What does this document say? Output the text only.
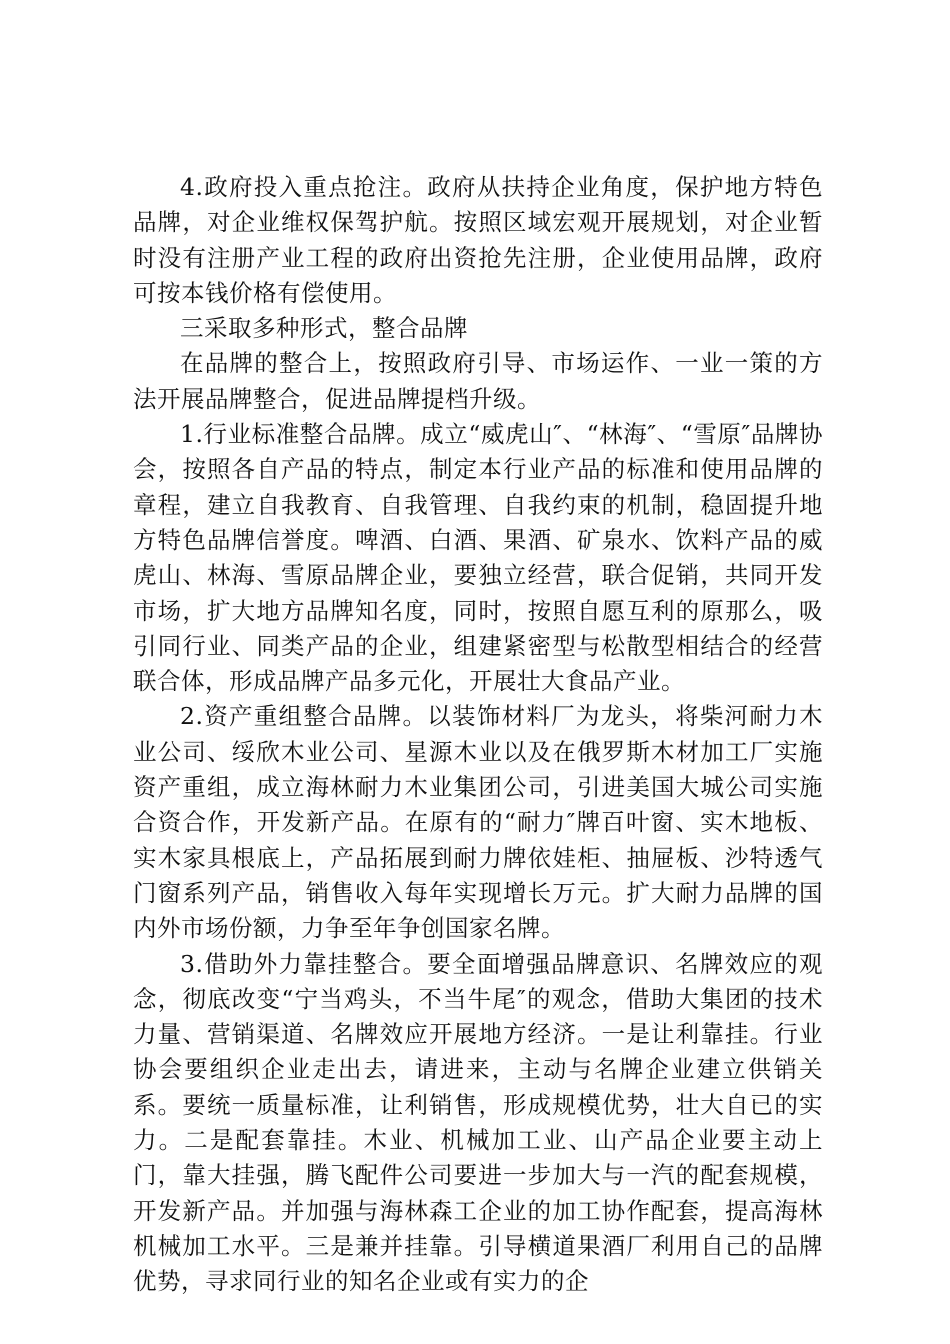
4.政府投入重点抢注。政府从扶持企业角度，保护地方特色品牌，对企业维权保驾护航。按照区域宏观开展规划，对企业暂时没有注册产业工程的政府出资抢先注册，企业使用品牌，政府可按本钱价格有偿使用。

三采取多种形式，整合品牌

在品牌的整合上，按照政府引导、市场运作、一业一策的方法开展品牌整合，促进品牌提档升级。

1.行业标准整合品牌。成立“威虎山″、“林海″、“雪原″品牌协会，按照各自产品的特点，制定本行业产品的标准和使用品牌的章程，建立自我教育、自我管理、自我约束的机制，稳固提升地方特色品牌信誉度。啤酒、白酒、果酒、矿泉水、饮料产品的威虎山、林海、雪原品牌企业，要独立经营，联合促销，共同开发市场，扩大地方品牌知名度，同时，按照自愿互利的原那么，吸引同行业、同类产品的企业，组建紧密型与松散型相结合的经营联合体，形成品牌产品多元化，开展壮大食品产业。

2.资产重组整合品牌。以装饰材料厂为龙头，将柴河耐力木业公司、绥欣木业公司、星源木业以及在俄罗斯木材加工厂实施资产重组，成立海林耐力木业集团公司，引进美国大城公司实施合资合作，开发新产品。在原有的“耐力″牌百叶窗、实木地板、实木家具根底上，产品拓展到耐力牌依娃柜、抽屉板、沙特透气门窗系列产品，销售收入每年实现增长万元。扩大耐力品牌的国内外市场份额，力争至年争创国家名牌。

3.借助外力靠挂整合。要全面增强品牌意识、名牌效应的观念，彻底改变“宁当鸡头，不当牛尾″的观念，借助大集团的技术力量、营销渠道、名牌效应开展地方经济。一是让利靠挂。行业协会要组织企业走出去，请进来，主动与名牌企业建立供销关系。要统一质量标准，让利销售，形成规模优势，壮大自已的实力。二是配套靠挂。木业、机械加工业、山产品企业要主动上门，靠大挂强，腾飞配件公司要进一步加大与一汽的配套规模，开发新产品。并加强与海林森工企业的加工协作配套，提高海林机械加工水平。三是兼并挂靠。引导横道果酒厂利用自己的品牌优势，寻求同行业的知名企业或有实力的企
